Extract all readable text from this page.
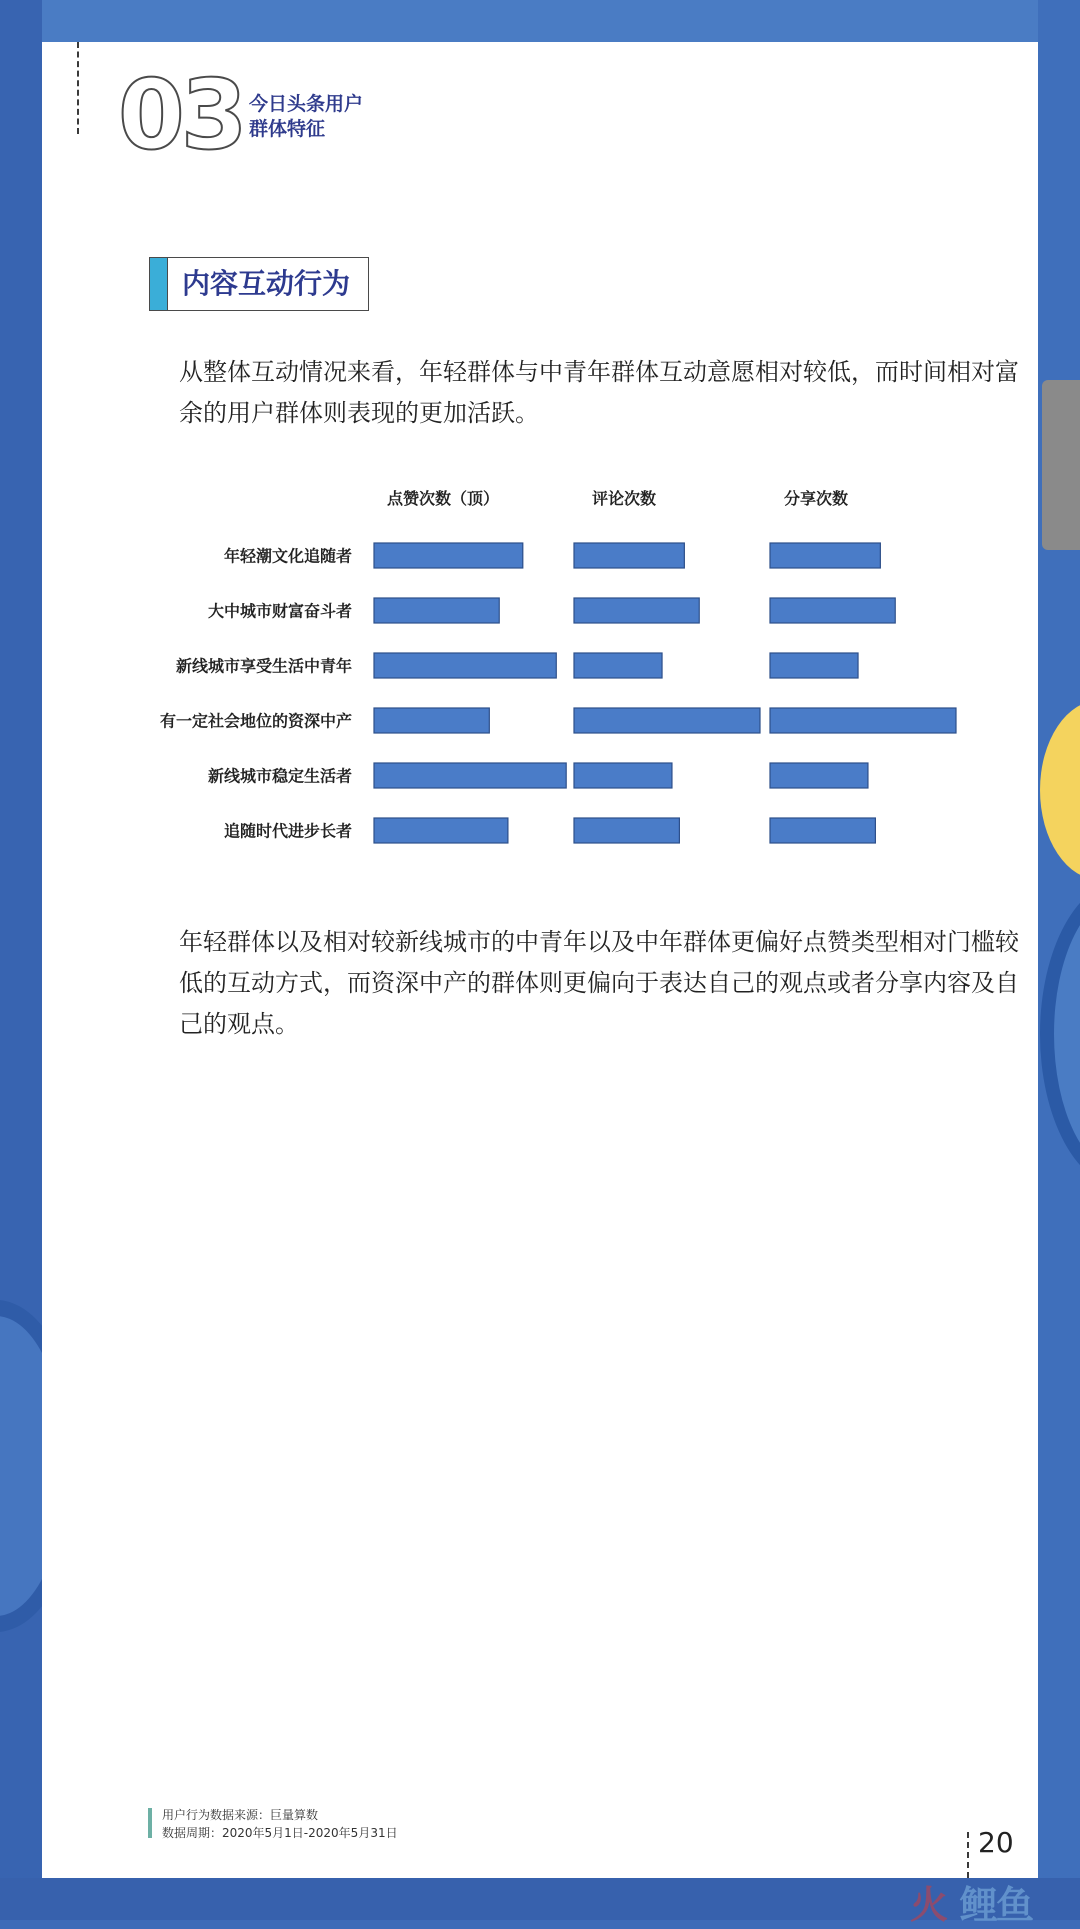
03 今日头条用户
群体特征
内容互动行为
从整体互动情况来看，年轻群体与中青年群体互动意愿相对较低，而时间相对富余的用户群体则表现的更加活跃。
点赞次数（顶）	评论次数	分享次数
年轻潮文化追随者
大中城市财富奋斗者
新线城市享受生活中青年
有一定社会地位的资深中产
新线城市稳定生活者
追随时代进步长者
年轻群体以及相对较新线城市的中青年以及中年群体更偏好点赞类型相对门槛较低的互动方式，而资深中产的群体则更偏向于表达自己的观点或者分享内容及自己的观点。
用户行为数据来源：巨量算数
数据周期：2020年5月1日-2020年5月31日	20
火 鲤鱼
